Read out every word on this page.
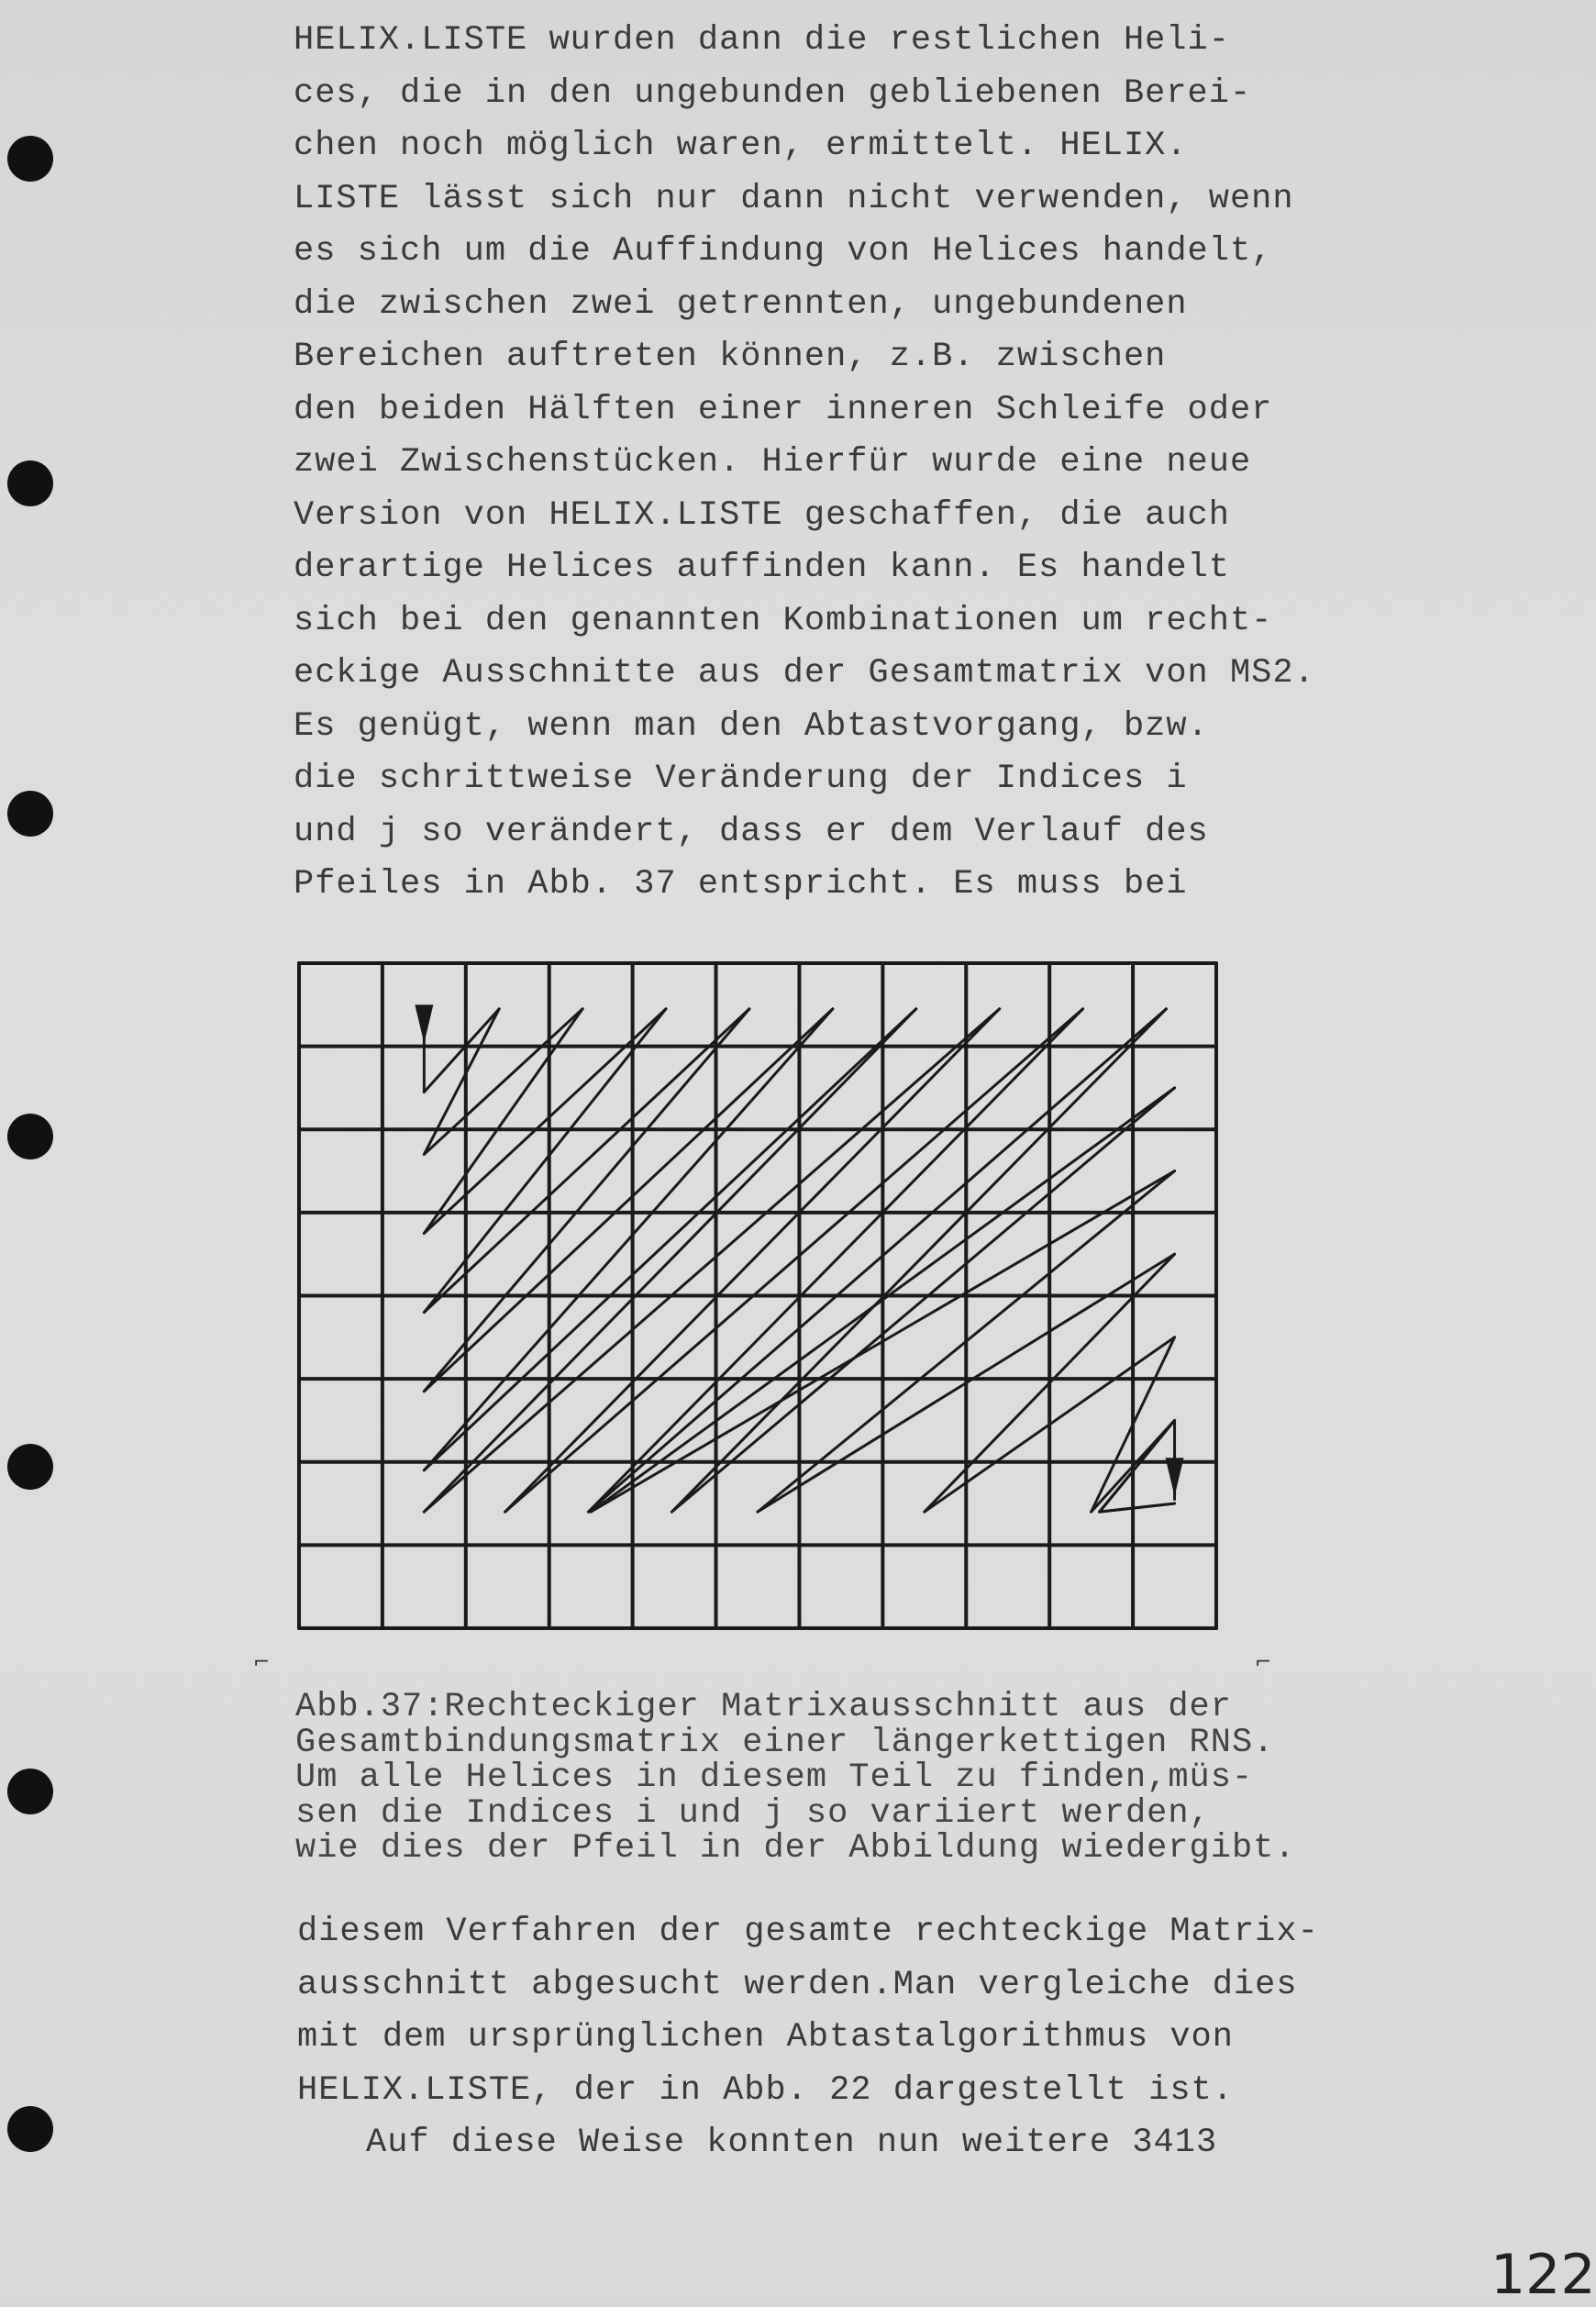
HELIX.LISTE wurden dann die restlichen Heli-
ces, die in den ungebunden gebliebenen Berei-
chen noch möglich waren, ermittelt. HELIX.
LISTE lässt sich nur dann nicht verwenden, wenn
es sich um die Auffindung von Helices handelt,
die zwischen zwei getrennten, ungebundenen
Bereichen auftreten können, z.B. zwischen
den beiden Hälften einer inneren Schleife oder
zwei Zwischenstücken. Hierfür wurde eine neue
Version von HELIX.LISTE geschaffen, die auch
derartige Helices auffinden kann. Es handelt
sich bei den genannten Kombinationen um recht-
eckige Ausschnitte aus der Gesamtmatrix von MS2.
Es genügt, wenn man den Abtastvorgang, bzw.
die schrittweise Veränderung der Indices i
und j so verändert, dass er dem Verlauf des
Pfeiles in Abb. 37 entspricht. Es muss bei
⌐	⌐
Abb.37:Rechteckiger Matrixausschnitt aus der
Gesamtbindungsmatrix einer längerkettigen RNS.
Um alle Helices in diesem Teil zu finden,müs-
sen die Indices i und j so variiert werden,
wie dies der Pfeil in der Abbildung wiedergibt.
diesem Verfahren der gesamte rechteckige Matrix-
ausschnitt abgesucht werden.Man vergleiche dies
mit dem ursprünglichen Abtastalgorithmus von
HELIX.LISTE, der in Abb. 22 dargestellt ist.
Auf diese Weise konnten nun weitere 3413
122
